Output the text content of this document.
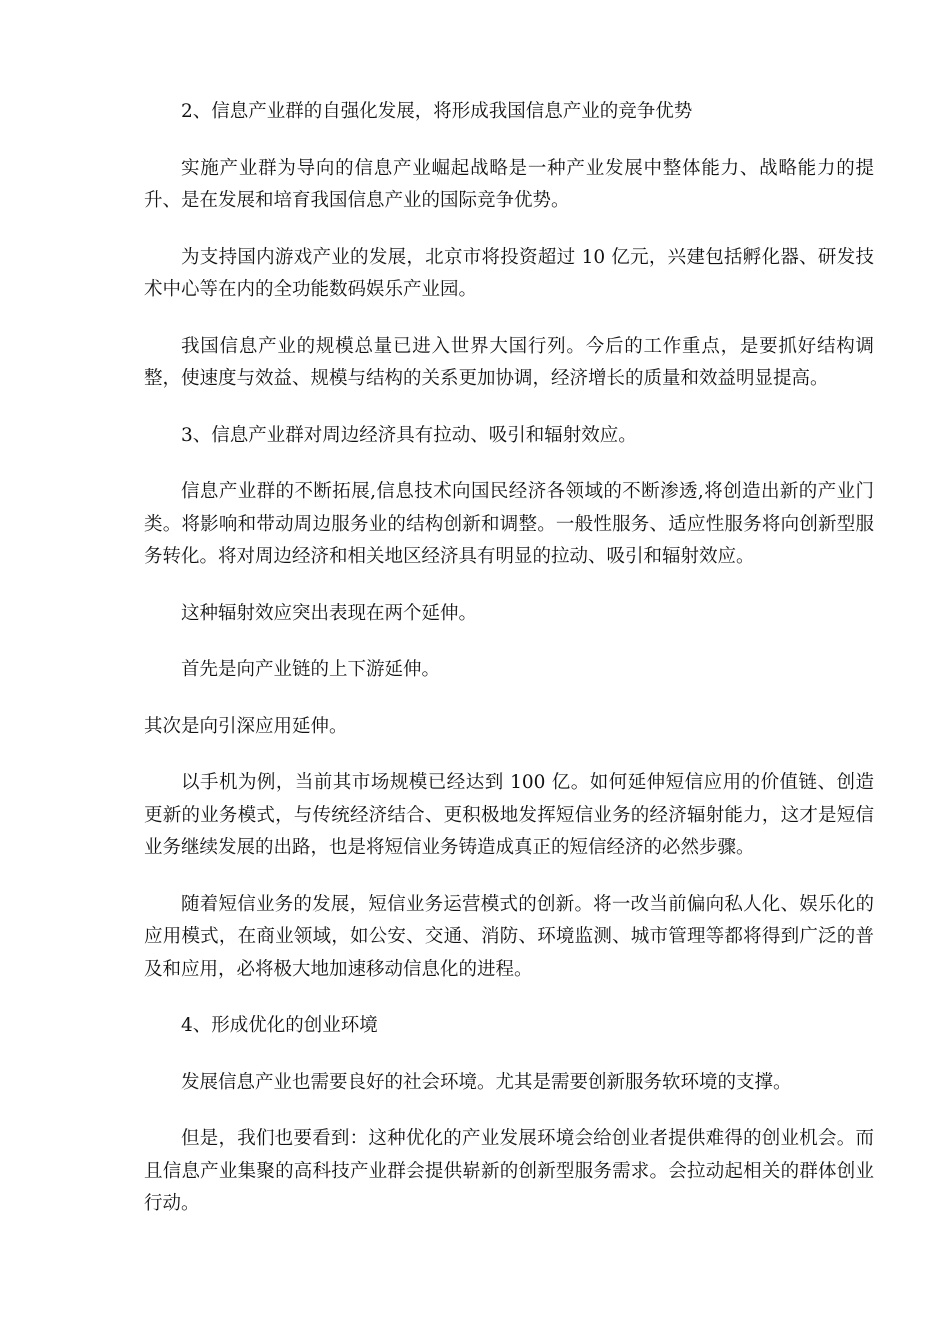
2、信息产业群的自强化发展，将形成我国信息产业的竞争优势

实施产业群为导向的信息产业崛起战略是一种产业发展中整体能力、战略能力的提升、是在发展和培育我国信息产业的国际竞争优势。

为支持国内游戏产业的发展，北京市将投资超过 10 亿元，兴建包括孵化器、研发技术中心等在内的全功能数码娱乐产业园。

我国信息产业的规模总量已进入世界大国行列。今后的工作重点，是要抓好结构调整，使速度与效益、规模与结构的关系更加协调，经济增长的质量和效益明显提高。

3、信息产业群对周边经济具有拉动、吸引和辐射效应。

信息产业群的不断拓展,信息技术向国民经济各领域的不断渗透,将创造出新的产业门类。将影响和带动周边服务业的结构创新和调整。一般性服务、适应性服务将向创新型服务转化。将对周边经济和相关地区经济具有明显的拉动、吸引和辐射效应。

这种辐射效应突出表现在两个延伸。

首先是向产业链的上下游延伸。

其次是向引深应用延伸。

以手机为例，当前其市场规模已经达到 100 亿。如何延伸短信应用的价值链、创造更新的业务模式，与传统经济结合、更积极地发挥短信业务的经济辐射能力，这才是短信业务继续发展的出路，也是将短信业务铸造成真正的短信经济的必然步骤。

随着短信业务的发展，短信业务运营模式的创新。将一改当前偏向私人化、娱乐化的应用模式，在商业领域，如公安、交通、消防、环境监测、城市管理等都将得到广泛的普及和应用，必将极大地加速移动信息化的进程。

4、形成优化的创业环境

发展信息产业也需要良好的社会环境。尤其是需要创新服务软环境的支撑。

但是，我们也要看到：这种优化的产业发展环境会给创业者提供难得的创业机会。而且信息产业集聚的高科技产业群会提供崭新的创新型服务需求。会拉动起相关的群体创业行动。
